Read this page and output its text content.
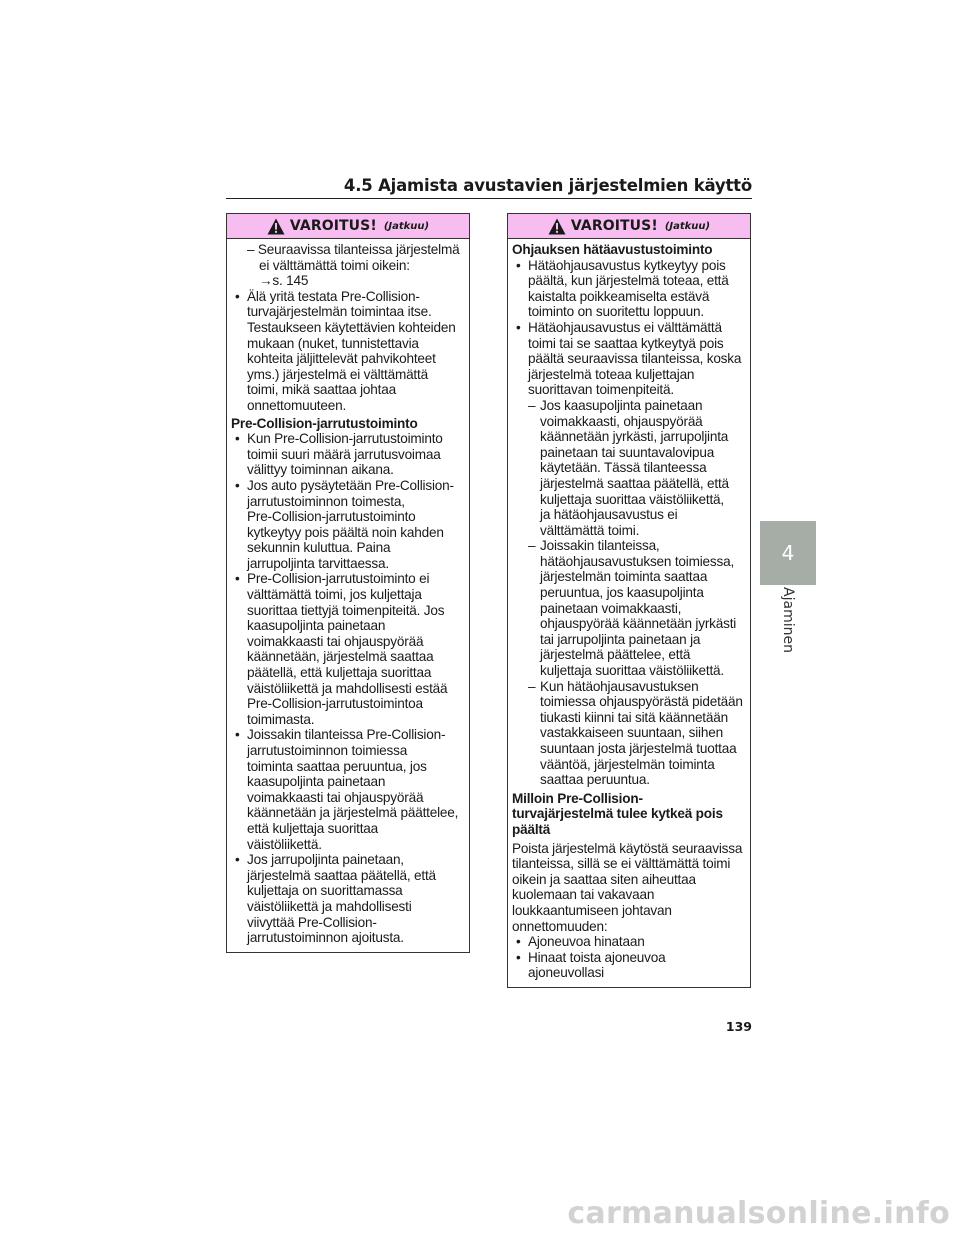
4.5 Ajamista avustavien järjestelmien käyttö
VAROITUS! (Jatkuu)

– Seuraavissa tilanteissa järjestelmä

ei välttämättä toimi oikein:

→s. 145

• Älä yritä testata Pre-Collision-

turvajärjestelmän toimintaa itse.

Testaukseen käytettävien kohteiden

mukaan (nuket, tunnistettavia

kohteita jäljittelevät pahvikohteet

yms.) järjestelmä ei välttämättä

toimi, mikä saattaa johtaa

onnettomuuteen.

Pre-Collision-jarrutustoiminto

• Kun Pre-Collision-jarrutustoiminto

toimii suuri määrä jarrutusvoimaa

välittyy toiminnan aikana.

• Jos auto pysäytetään Pre-Collision-

jarrutustoiminnon toimesta,

Pre-Collision-jarrutustoiminto

kytkeytyy pois päältä noin kahden

sekunnin kuluttua. Paina

jarrupoljinta tarvittaessa.

• Pre-Collision-jarrutustoiminto ei

välttämättä toimi, jos kuljettaja

suorittaa tiettyjä toimenpiteitä. Jos

kaasupoljinta painetaan

voimakkaasti tai ohjauspyörää

käännetään, järjestelmä saattaa

päätellä, että kuljettaja suorittaa

väistöliikettä ja mahdollisesti estää

Pre-Collision-jarrutustoimintoa

toimimasta.

• Joissakin tilanteissa Pre-Collision-

jarrutustoiminnon toimiessa

toiminta saattaa peruuntua, jos

kaasupoljinta painetaan

voimakkaasti tai ohjauspyörää

käännetään ja järjestelmä päättelee,

että kuljettaja suorittaa

väistöliikettä.

• Jos jarrupoljinta painetaan,

järjestelmä saattaa päätellä, että

kuljettaja on suorittamassa

väistöliikettä ja mahdollisesti

viivyttää Pre-Collision-

jarrutustoiminnon ajoitusta.

VAROITUS! (Jatkuu)

Ohjauksen hätäavustustoiminto

• Hätäohjausavustus kytkeytyy pois

päältä, kun järjestelmä toteaa, että

kaistalta poikkeamiselta estävä

toiminto on suoritettu loppuun.

• Hätäohjausavustus ei välttämättä

toimi tai se saattaa kytkeytyä pois

päältä seuraavissa tilanteissa, koska

järjestelmä toteaa kuljettajan

suorittavan toimenpiteitä.

– Jos kaasupoljinta painetaan

voimakkaasti, ohjauspyörää

käännetään jyrkästi, jarrupoljinta

painetaan tai suuntavalovipua

käytetään. Tässä tilanteessa

järjestelmä saattaa päätellä, että

kuljettaja suorittaa väistöliikettä,

ja hätäohjausavustus ei

välttämättä toimi.

– Joissakin tilanteissa,

hätäohjausavustuksen toimiessa,

järjestelmän toiminta saattaa

peruuntua, jos kaasupoljinta

painetaan voimakkaasti,

ohjauspyörää käännetään jyrkästi

tai jarrupoljinta painetaan ja

järjestelmä päättelee, että

kuljettaja suorittaa väistöliikettä.

– Kun hätäohjausavustuksen

toimiessa ohjauspyörästä pidetään

tiukasti kiinni tai sitä käännetään

vastakkaiseen suuntaan, siihen

suuntaan josta järjestelmä tuottaa

vääntöä, järjestelmän toiminta

saattaa peruuntua.

Milloin Pre-Collision-

turvajärjestelmä tulee kytkeä pois

päältä

Poista järjestelmä käytöstä seuraavissa

tilanteissa, sillä se ei välttämättä toimi

oikein ja saattaa siten aiheuttaa

kuolemaan tai vakavaan

loukkaantumiseen johtavan

onnettomuuden:

• Ajoneuvoa hinataan

• Hinaat toista ajoneuvoa

ajoneuvollasi

4
Ajaminen
139
carmanualsonline.info
